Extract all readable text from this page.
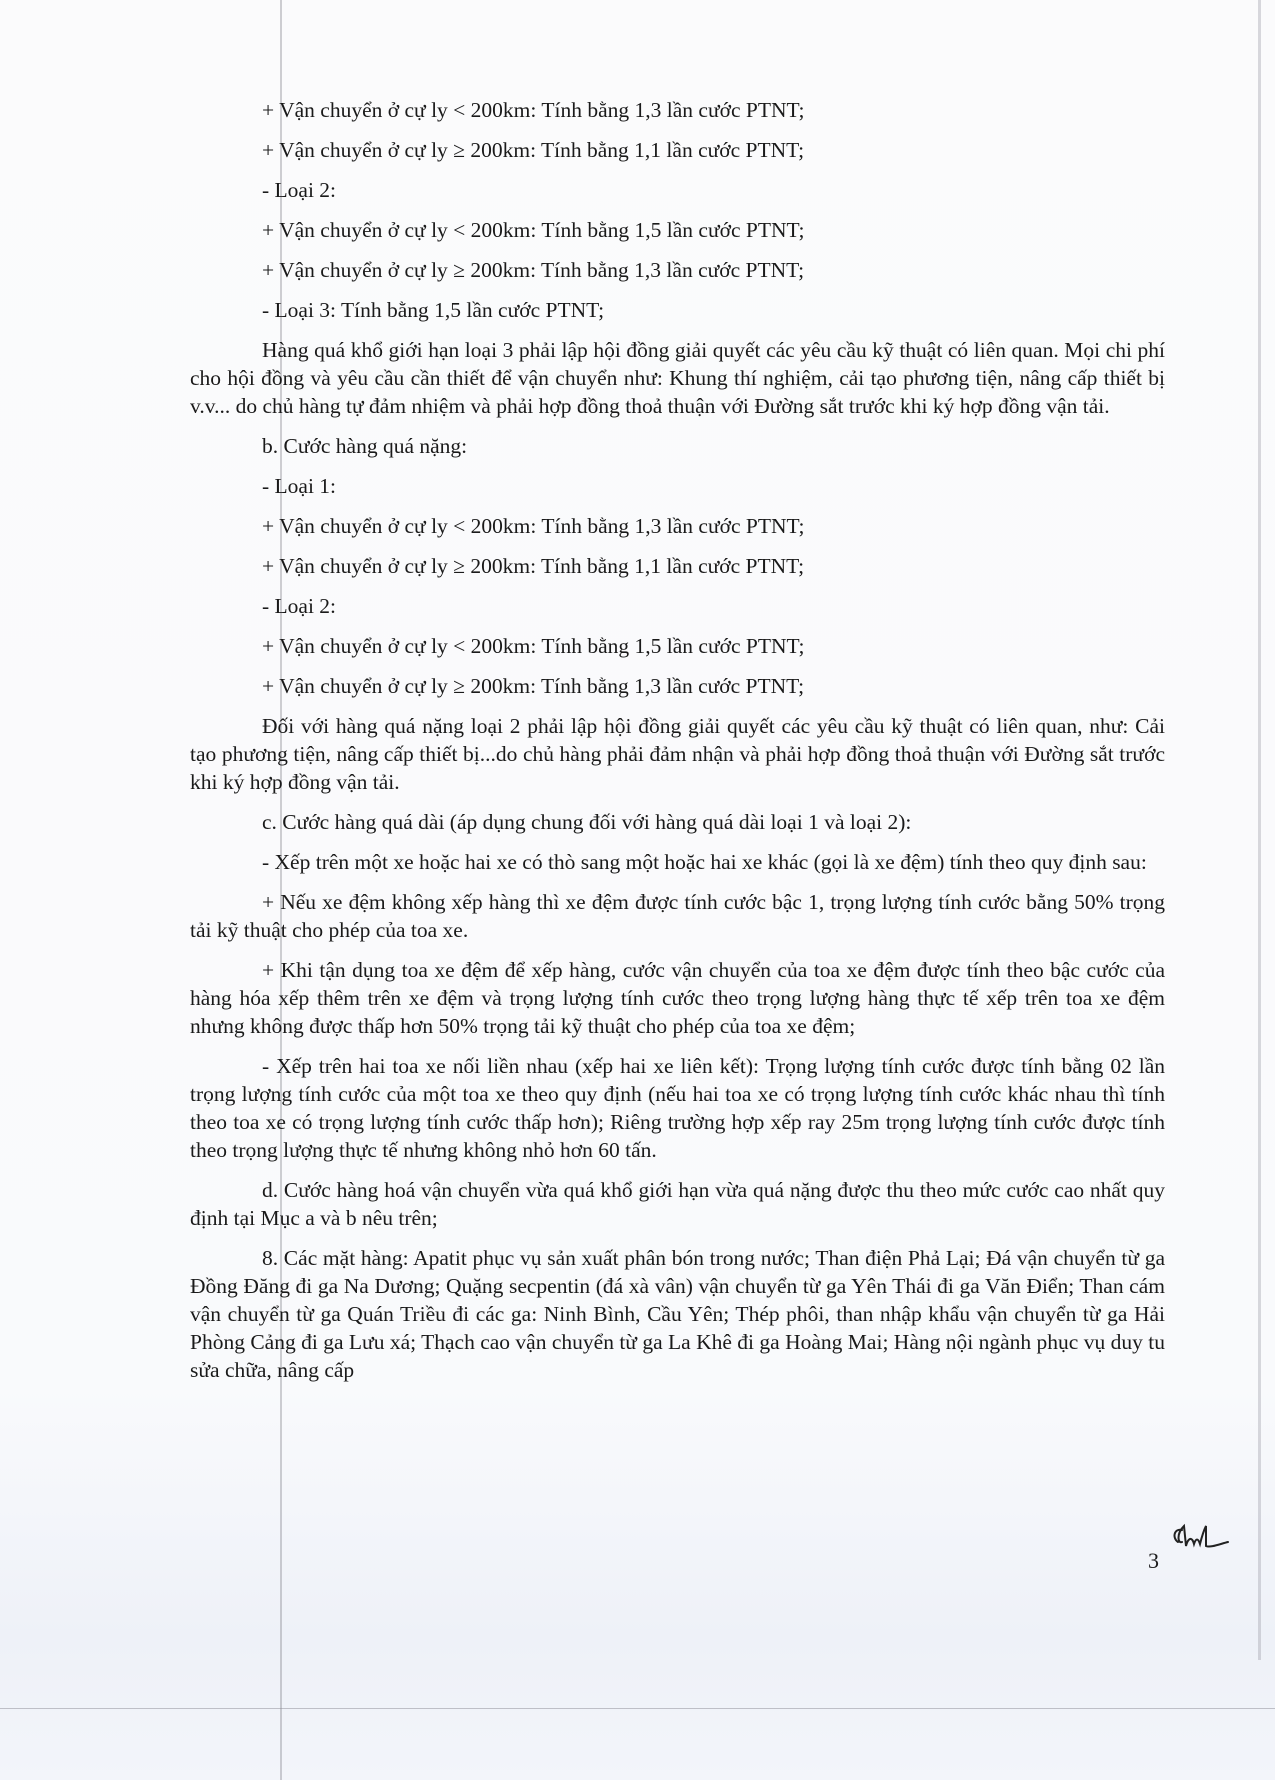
+ Vận chuyển ở cự ly < 200km: Tính bằng 1,3 lần cước PTNT;

+ Vận chuyển ở cự ly ≥ 200km: Tính bằng 1,1 lần cước PTNT;

- Loại 2:

+ Vận chuyển ở cự ly < 200km: Tính bằng 1,5 lần cước PTNT;

+ Vận chuyển ở cự ly ≥ 200km: Tính bằng 1,3 lần cước PTNT;

- Loại 3: Tính bằng 1,5 lần cước PTNT;

Hàng quá khổ giới hạn loại 3 phải lập hội đồng giải quyết các yêu cầu kỹ thuật có liên quan. Mọi chi phí cho hội đồng và yêu cầu cần thiết để vận chuyển như: Khung thí nghiệm, cải tạo phương tiện, nâng cấp thiết bị v.v... do chủ hàng tự đảm nhiệm và phải hợp đồng thoả thuận với Đường sắt trước khi ký hợp đồng vận tải.

b. Cước hàng quá nặng:

- Loại 1:

+ Vận chuyển ở cự ly < 200km: Tính bằng 1,3 lần cước PTNT;

+ Vận chuyển ở cự ly ≥ 200km: Tính bằng 1,1 lần cước PTNT;

- Loại 2:

+ Vận chuyển ở cự ly < 200km: Tính bằng 1,5 lần cước PTNT;

+ Vận chuyển ở cự ly ≥ 200km: Tính bằng 1,3 lần cước PTNT;

Đối với hàng quá nặng loại 2 phải lập hội đồng giải quyết các yêu cầu kỹ thuật có liên quan, như: Cải tạo phương tiện, nâng cấp thiết bị...do chủ hàng phải đảm nhận và phải hợp đồng thoả thuận với Đường sắt trước khi ký hợp đồng vận tải.

c. Cước hàng quá dài (áp dụng chung đối với hàng quá dài loại 1 và loại 2):

- Xếp trên một xe hoặc hai xe có thò sang một hoặc hai xe khác (gọi là xe đệm) tính theo quy định sau:

+ Nếu xe đệm không xếp hàng thì xe đệm được tính cước bậc 1, trọng lượng tính cước bằng 50% trọng tải kỹ thuật cho phép của toa xe.

+ Khi tận dụng toa xe đệm để xếp hàng, cước vận chuyển của toa xe đệm được tính theo bậc cước của hàng hóa xếp thêm trên xe đệm và trọng lượng tính cước theo trọng lượng hàng thực tế xếp trên toa xe đệm nhưng không được thấp hơn 50% trọng tải kỹ thuật cho phép của toa xe đệm;

- Xếp trên hai toa xe nối liền nhau (xếp hai xe liên kết): Trọng lượng tính cước được tính bằng 02 lần trọng lượng tính cước của một toa xe theo quy định (nếu hai toa xe có trọng lượng tính cước khác nhau thì tính theo toa xe có trọng lượng tính cước thấp hơn); Riêng trường hợp xếp ray 25m trọng lượng tính cước được tính theo trọng lượng thực tế nhưng không nhỏ hơn 60 tấn.

d. Cước hàng hoá vận chuyển vừa quá khổ giới hạn vừa quá nặng được thu theo mức cước cao nhất quy định tại Mục a và b nêu trên;

8. Các mặt hàng: Apatit phục vụ sản xuất phân bón trong nước; Than điện Phả Lại; Đá vận chuyển từ ga Đồng Đăng đi ga Na Dương; Quặng secpentin (đá xà vân) vận chuyển từ ga Yên Thái đi ga Văn Điển; Than cám vận chuyển từ ga Quán Triều đi các ga: Ninh Bình, Cầu Yên; Thép phôi, than nhập khẩu vận chuyển từ ga Hải Phòng Cảng đi ga Lưu xá; Thạch cao vận chuyển từ ga La Khê đi ga Hoàng Mai; Hàng nội ngành phục vụ duy tu sửa chữa, nâng cấp

3
